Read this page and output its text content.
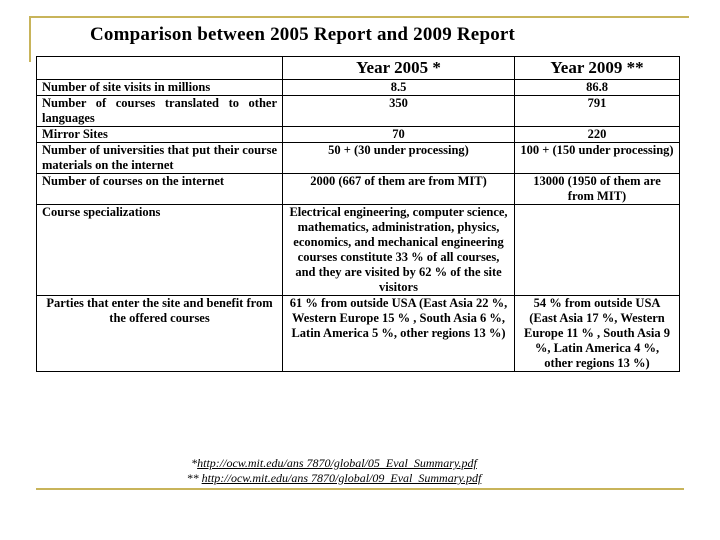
Comparison between 2005 Report and 2009 Report
	Year 2005 *	Year 2009 **
Number of site visits in millions	8.5	86.8
Number of courses translated to other languages	350	791
Mirror Sites	70	220
Number of universities that put their course materials on the internet	50 + (30 under processing)	100 + (150 under processing)
Number of courses on the internet	2000 (667 of them are from MIT)	13000 (1950 of them are from MIT)
Course specializations	Electrical engineering, computer science, mathematics, administration, physics, economics, and mechanical engineering courses constitute 33 % of all courses, and they are visited by 62 % of the site visitors	
Parties that enter the site and benefit from the offered courses	61 % from outside USA (East Asia 22 %, Western Europe 15 % , South Asia 6 %, Latin America 5 %, other regions 13 %)	54 % from outside USA (East Asia 17 %, Western Europe 11 % , South Asia 9 %, Latin America 4 %, other regions 13 %)
*http://ocw.mit.edu/ans 7870/global/05_Eval_Summary.pdf
** http://ocw.mit.edu/ans 7870/global/09_Eval_Summary.pdf
